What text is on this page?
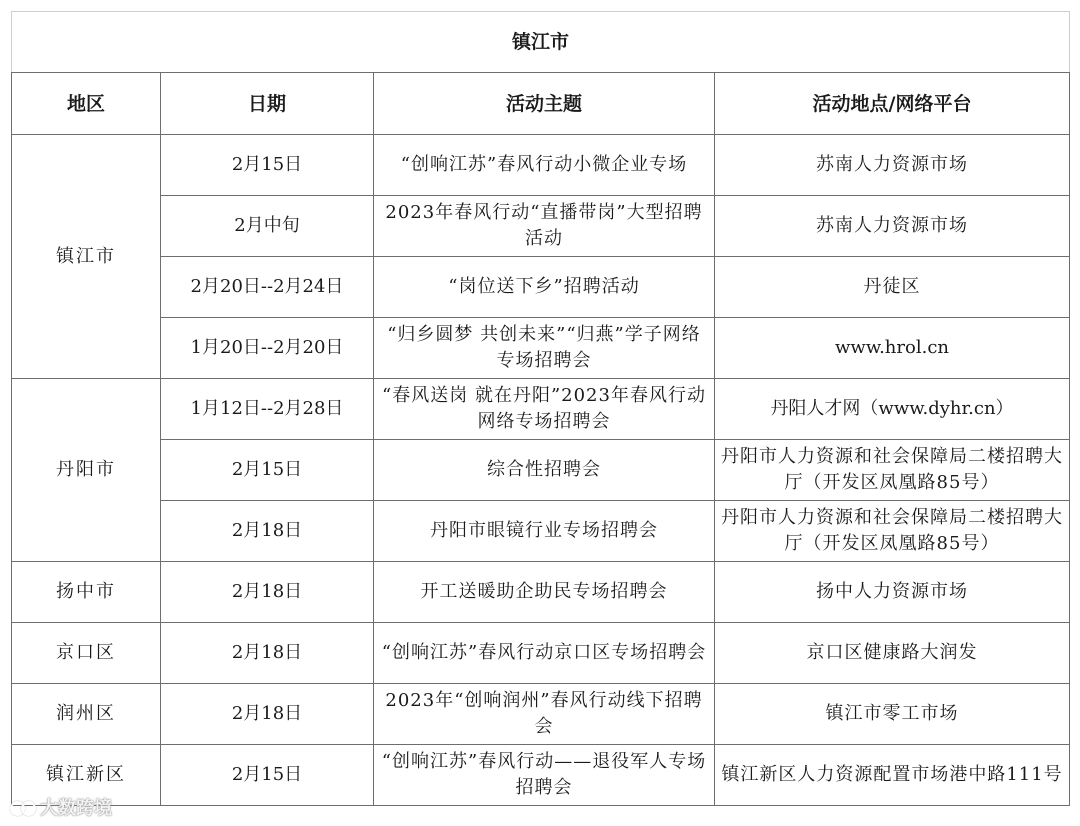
镇江市			
地区	日期	活动主题	活动地点/网络平台
镇江市	2月15日	“创响江苏”春风行动小微企业专场	苏南人力资源市场
	2月中旬	2023年春风行动“直播带岗”大型招聘活动	苏南人力资源市场
	2月20日--2月24日	“岗位送下乡”招聘活动	丹徒区
	1月20日--2月20日	“归乡圆梦 共创未来”“归燕”学子网络专场招聘会	www.hrol.cn
丹阳市	1月12日--2月28日	“春风送岗 就在丹阳”2023年春风行动网络专场招聘会	丹阳人才网（www.dyhr.cn）
	2月15日	综合性招聘会	丹阳市人力资源和社会保障局二楼招聘大厅（开发区凤凰路85号）
	2月18日	丹阳市眼镜行业专场招聘会	丹阳市人力资源和社会保障局二楼招聘大厅（开发区凤凰路85号）
扬中市	2月18日	开工送暖助企助民专场招聘会	扬中人力资源市场
京口区	2月18日	“创响江苏”春风行动京口区专场招聘会	京口区健康路大润发
润州区	2月18日	2023年“创响润州”春风行动线下招聘会	镇江市零工市场
镇江新区	2月15日	“创响江苏”春风行动——退役军人专场招聘会	镇江新区人力资源配置市场港中路111号
大数跨境
